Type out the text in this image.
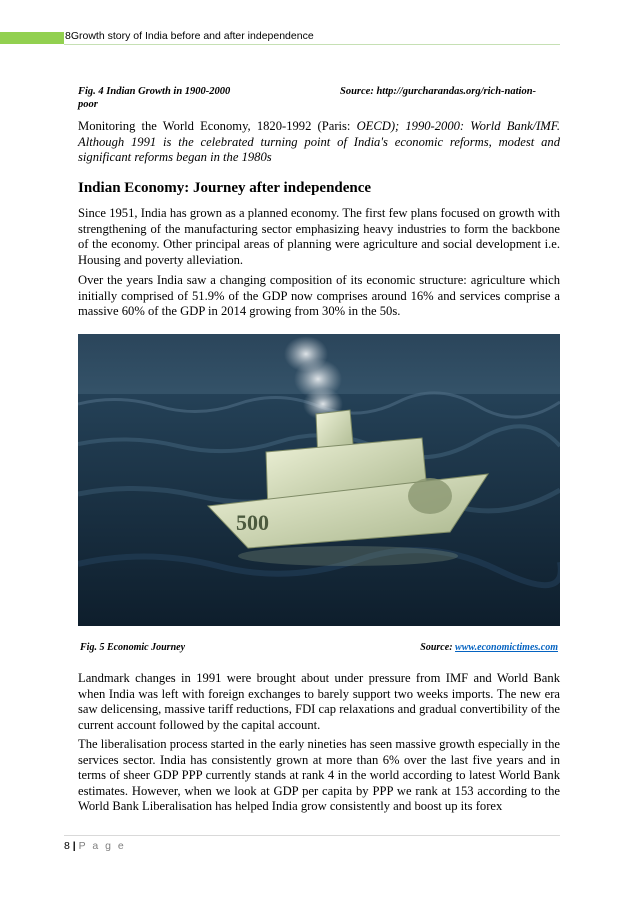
8Growth story of India before and after independence
Fig. 4 Indian Growth in 1900-2000	Source: http://gurcharandas.org/rich-nation-
poor
Monitoring the World Economy, 1820-1992 (Paris: OECD); 1990-2000: World Bank/IMF. Although 1991 is the celebrated turning point of India's economic reforms, modest and significant reforms began in the 1980s
Indian Economy: Journey after independence
Since 1951, India has grown as a planned economy. The first few plans focused on growth with strengthening of the manufacturing sector emphasizing heavy industries to form the backbone of the economy. Other principal areas of planning were agriculture and social development i.e. Housing and poverty alleviation.
Over the years India saw a changing composition of its economic structure: agriculture which initially comprised of 51.9% of the GDP now comprises around 16% and services comprise a massive 60% of the GDP in 2014 growing from 30% in the 50s.
500
Fig. 5 Economic Journey	Source: www.economictimes.com
Landmark changes in 1991 were brought about under pressure from IMF and World Bank when India was left with foreign exchanges to barely support two weeks imports. The new era saw delicensing, massive tariff reductions, FDI cap relaxations and gradual convertibility of the current account followed by the capital account.
The liberalisation process started in the early nineties has seen massive growth especially in the services sector. India has consistently grown at more than 6% over the last five years and in terms of sheer GDP PPP currently stands at rank 4 in the world according to latest World Bank estimates. However, when we look at GDP per capita by PPP we rank at 153 according to the World Bank Liberalisation has helped India grow consistently and boost up its forex
8 | P a g e
